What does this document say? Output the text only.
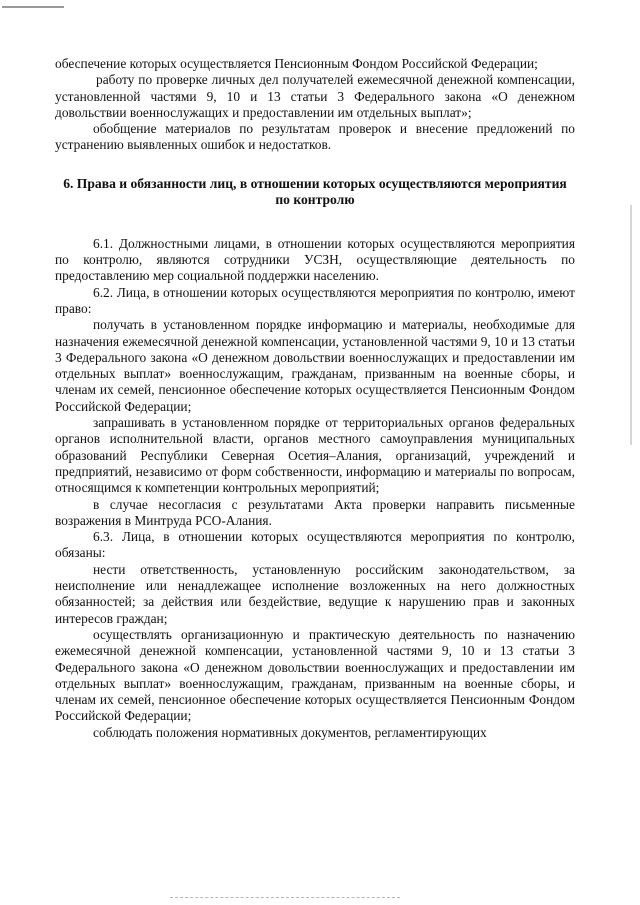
обеспечение которых осуществляется Пенсионным Фондом Российской Федерации;

работу по проверке личных дел получателей ежемесячной денежной компенсации, установленной частями 9, 10 и 13 статьи 3 Федерального закона «О денежном довольствии военнослужащих и предоставлении им отдельных выплат»;

обобщение материалов по результатам проверок и внесение предложений по устранению выявленных ошибок и недостатков.

6. Права и обязанности лиц, в отношении которых осуществляются мероприятия по контролю

6.1. Должностными лицами, в отношении которых осуществляются мероприятия по контролю, являются сотрудники УСЗН, осуществляющие деятельность по предоставлению мер социальной поддержки населению.

6.2. Лица, в отношении которых осуществляются мероприятия по контролю, имеют право:

получать в установленном порядке информацию и материалы, необходимые для назначения ежемесячной денежной компенсации, установленной частями 9, 10 и 13 статьи 3 Федерального закона «О денежном довольствии военнослужащих и предоставлении им отдельных выплат» военнослужащим, гражданам, призванным на военные сборы, и членам их семей, пенсионное обеспечение которых осуществляется Пенсионным Фондом Российской Федерации;

запрашивать в установленном порядке от территориальных органов федеральных органов исполнительной власти, органов местного самоуправления муниципальных образований Республики Северная Осетия–Алания, организаций, учреждений и предприятий, независимо от форм собственности, информацию и материалы по вопросам, относящимся к компетенции контрольных мероприятий;

в случае несогласия с результатами Акта проверки направить письменные возражения в Минтруда РСО-Алания.

6.3. Лица, в отношении которых осуществляются мероприятия по контролю, обязаны:

нести ответственность, установленную российским законодательством, за неисполнение или ненадлежащее исполнение возложенных на него должностных обязанностей; за действия или бездействие, ведущие к нарушению прав и законных интересов граждан;

осуществлять организационную и практическую деятельность по назначению ежемесячной денежной компенсации, установленной частями 9, 10 и 13 статьи 3 Федерального закона «О денежном довольствии военнослужащих и предоставлении им отдельных выплат» военнослужащим, гражданам, призванным на военные сборы, и членам их семей, пенсионное обеспечение которых осуществляется Пенсионным Фондом Российской Федерации;

соблюдать положения нормативных документов, регламентирующих
